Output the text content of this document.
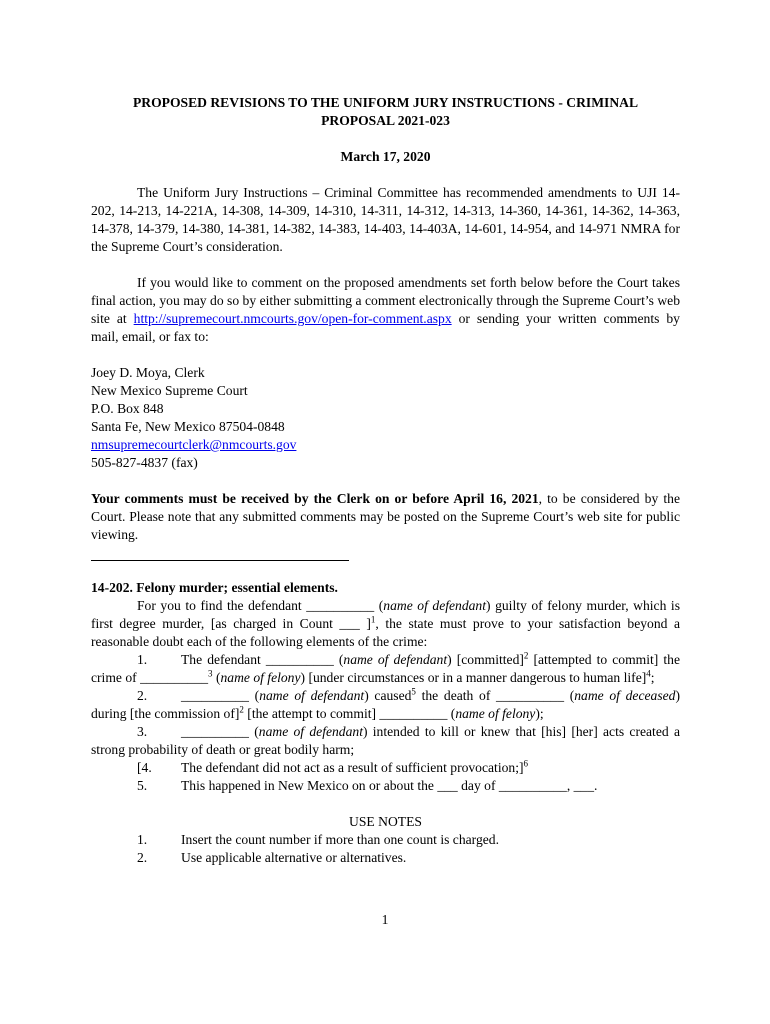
PROPOSED REVISIONS TO THE UNIFORM JURY INSTRUCTIONS - CRIMINAL
PROPOSAL 2021-023

March 17, 2020

The Uniform Jury Instructions – Criminal Committee has recommended amendments to UJI 14-202, 14-213, 14-221A, 14-308, 14-309, 14-310, 14-311, 14-312, 14-313, 14-360, 14-361, 14-362, 14-363, 14-378, 14-379, 14-380, 14-381, 14-382, 14-383, 14-403, 14-403A, 14-601, 14-954, and 14-971 NMRA for the Supreme Court’s consideration.

If you would like to comment on the proposed amendments set forth below before the Court takes final action, you may do so by either submitting a comment electronically through the Supreme Court’s web site at http://supremecourt.nmcourts.gov/open-for-comment.aspx or sending your written comments by mail, email, or fax to:

Joey D. Moya, Clerk

New Mexico Supreme Court

P.O. Box 848

Santa Fe, New Mexico 87504-0848

nmsupremecourtclerk@nmcourts.gov

505-827-4837 (fax)

Your comments must be received by the Clerk on or before April 16, 2021, to be considered by the Court. Please note that any submitted comments may be posted on the Supreme Court’s web site for public viewing.

14-202. Felony murder; essential elements.

For you to find the defendant __________ (name of defendant) guilty of felony murder, which is first degree murder, [as charged in Count ___ ]$^1$, the state must prove to your satisfaction beyond a reasonable doubt each of the following elements of the crime:

1. The defendant __________ (name of defendant) [committed]$^2$ [attempted to commit] the crime of __________$^3$ (name of felony) [under circumstances or in a manner dangerous to human life]$^4$;

2. __________ (name of defendant) caused$^5$ the death of __________ (name of deceased) during [the commission of]$^2$ [the attempt to commit] __________ (name of felony);

3. __________ (name of defendant) intended to kill or knew that [his] [her] acts created a strong probability of death or great bodily harm;

[4. The defendant did not act as a result of sufficient provocation;]$^6$

5. This happened in New Mexico on or about the ___ day of __________, ___.

USE NOTES

1. Insert the count number if more than one count is charged.

2. Use applicable alternative or alternatives.

1
